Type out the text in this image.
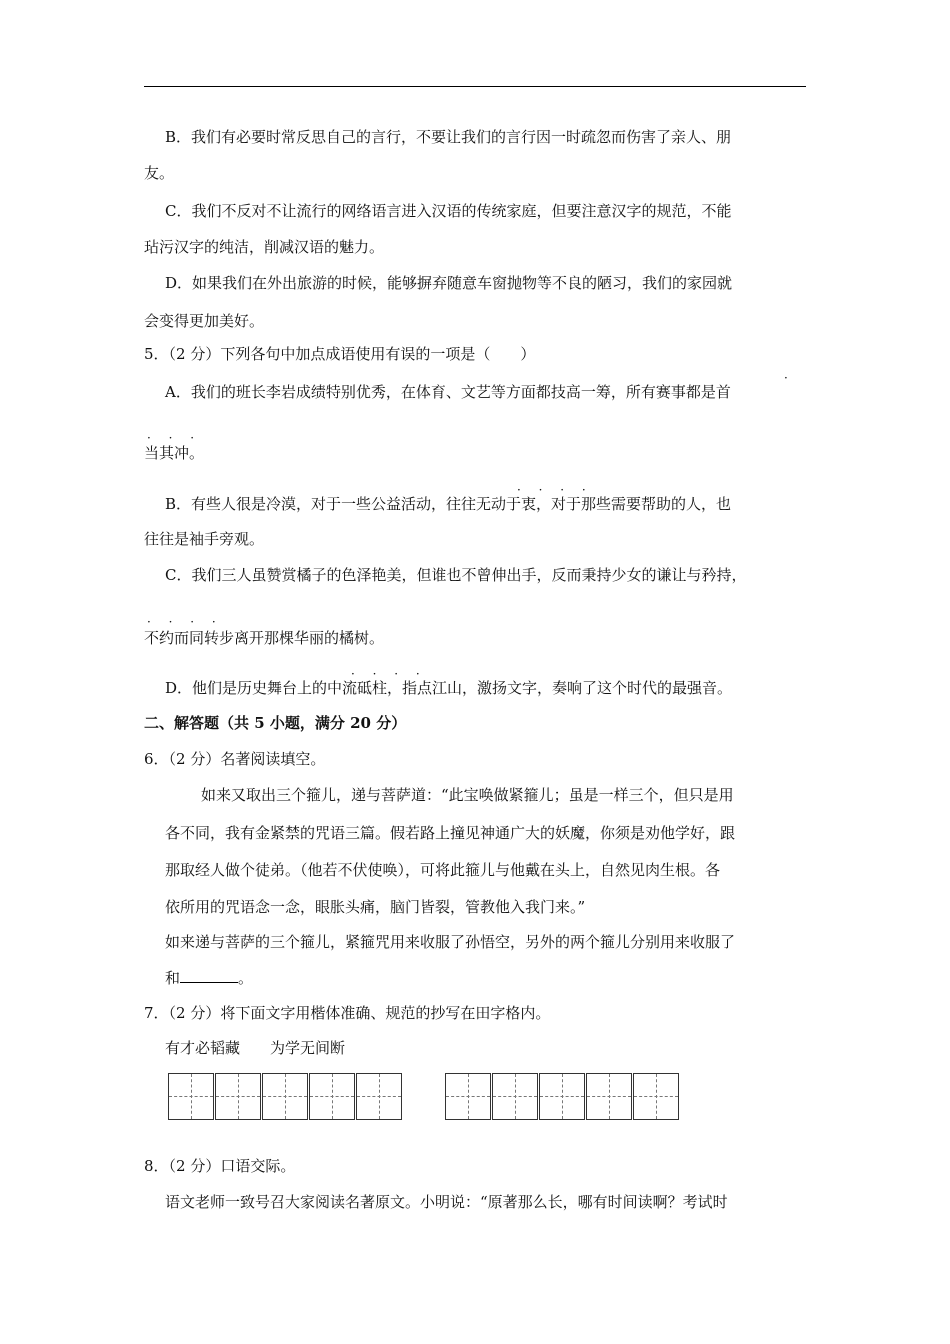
B．我们有必要时常反思自己的言行，不要让我们的言行因一时疏忽而伤害了亲人、朋
友。
C．我们不反对不让流行的网络语言进入汉语的传统家庭，但要注意汉字的规范，不能
玷污汉字的纯洁，削减汉语的魅力。
D．如果我们在外出旅游的时候，能够摒弃随意车窗抛物等不良的陋习，我们的家园就
会变得更加美好。
5．（2 分）下列各句中加点成语使用有误的一项是（　　）
·
A．我们的班长李岩成绩特别优秀，在体育、文艺等方面都技高一筹，所有赛事都是首
· · ·
当其冲。
· · · ·
B．有些人很是冷漠，对于一些公益活动，往往无动于衷，对于那些需要帮助的人，也
往往是袖手旁观。
C．我们三人虽赞赏橘子的色泽艳美，但谁也不曾伸出手，反而秉持少女的谦让与矜持，
· · · ·
不约而同转步离开那棵华丽的橘树。
· · · ·
D．他们是历史舞台上的中流砥柱，指点江山，激扬文字，奏响了这个时代的最强音。
二、解答题（共 5 小题，满分 20 分）
6．（2 分）名著阅读填空。
如来又取出三个箍儿，递与菩萨道：“此宝唤做紧箍儿；虽是一样三个，但只是用
各不同，我有金紧禁的咒语三篇。假若路上撞见神通广大的妖魔，你须是劝他学好，跟
那取经人做个徒弟。（他若不伏使唤），可将此箍儿与他戴在头上，自然见肉生根。各
依所用的咒语念一念，眼胀头痛，脑门皆裂，管教他入我门来。”
如来递与菩萨的三个箍儿，紧箍咒用来收服了孙悟空，另外的两个箍儿分别用来收服了
和	。
7．（2 分）将下面文字用楷体准确、规范的抄写在田字格内。
有才必韬藏　　为学无间断
8．（2 分）口语交际。
语文老师一致号召大家阅读名著原文。小明说：“原著那么长，哪有时间读啊？考试时
